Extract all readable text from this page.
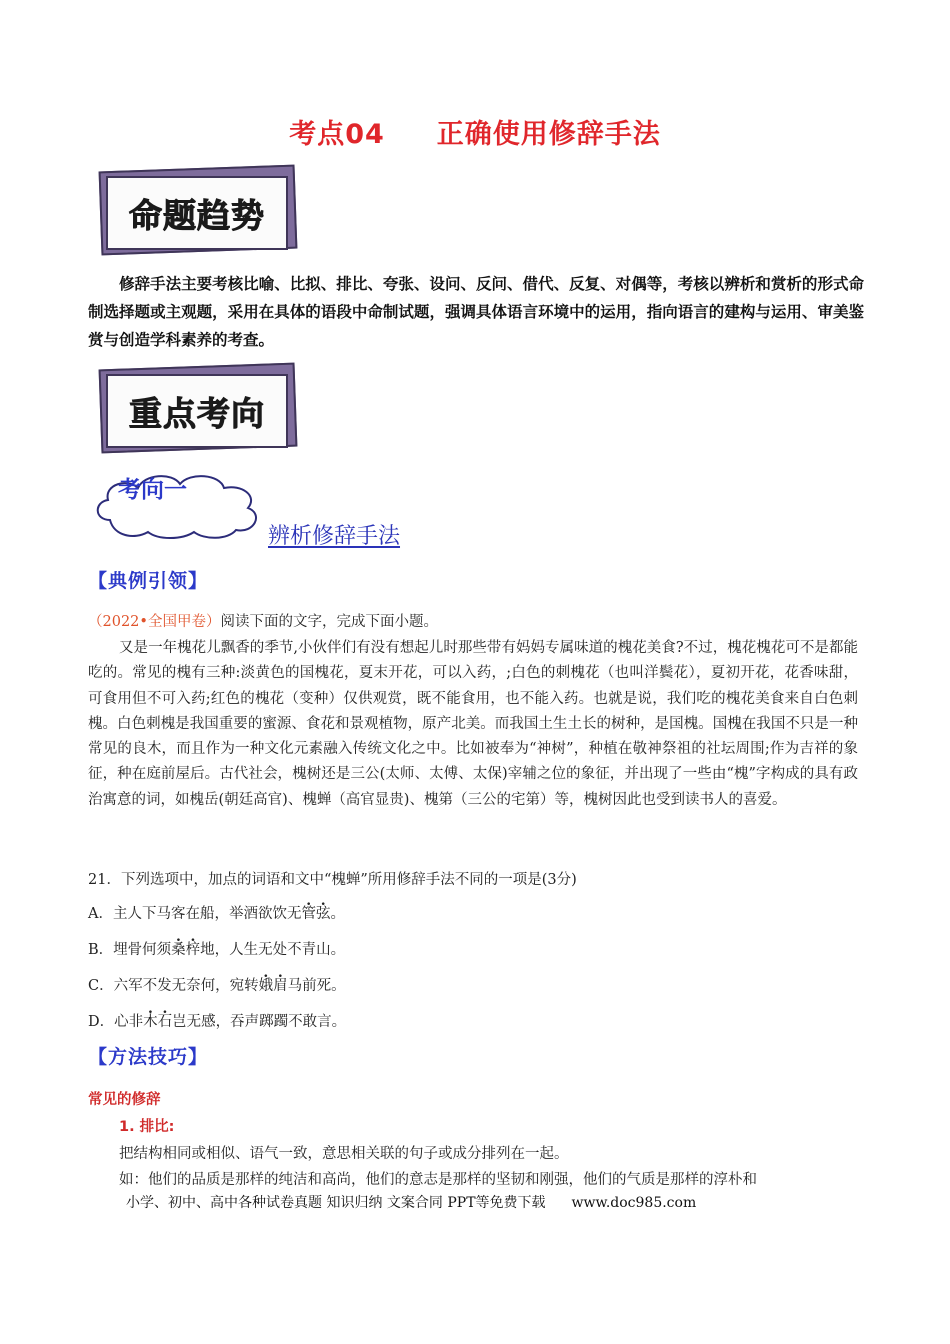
考点04 正确使用修辞手法
命题趋势
修辞手法主要考核比喻、比拟、排比、夸张、设问、反问、借代、反复、对偶等，考核以辨析和赏析的形式命制选择题或主观题，采用在具体的语段中命制试题，强调具体语言环境中的运用，指向语言的建构与运用、审美鉴赏与创造学科素养的考查。
重点考向
考向一
辨析修辞手法
【典例引领】
（2022•全国甲卷）阅读下面的文字，完成下面小题。
又是一年槐花儿飘香的季节,小伙伴们有没有想起儿时那些带有妈妈专属味道的槐花美食?不过，槐花槐花可不是都能吃的。常见的槐有三种:淡黄色的国槐花，夏末开花，可以入药，;白色的刺槐花（也叫洋鬓花），夏初开花，花香味甜，可食用但不可入药;红色的槐花（变种）仅供观赏，既不能食用，也不能入药。也就是说，我们吃的槐花美食来自白色刺槐。白色刺槐是我国重要的蜜源、食花和景观植物，原产北美。而我国土生土长的树种，是国槐。国槐在我国不只是一种常见的良木，而且作为一种文化元素融入传统文化之中。比如被奉为“神树”，种植在敬神祭祖的社坛周围;作为吉祥的象征，种在庭前屋后。古代社会，槐树还是三公(太师、太傅、太保)宰辅之位的象征，并出现了一些由“槐”字构成的具有政治寓意的词，如槐岳(朝廷高官)、槐蝉（高官显贵)、槐第（三公的宅第）等，槐树因此也受到读书人的喜爱。
21．下列选项中，加点的词语和文中“槐蝉”所用修辞手法不同的一项是(3分)
A．主人下马客在船，举酒欲饮无管弦。
B．埋骨何须桑梓地，人生无处不青山。
C．六军不发无奈何，宛转娥眉马前死。
D．心非木石岂无感，吞声踯躅不敢言。
【方法技巧】
常见的修辞
1. 排比:
把结构相同或相似、语气一致，意思相关联的句子或成分排列在一起。
如：他们的品质是那样的纯洁和高尚，他们的意志是那样的坚韧和刚强，他们的气质是那样的淳朴和
小学、初中、高中各种试卷真题 知识归纳 文案合同 PPT等免费下载 www.doc985.com
